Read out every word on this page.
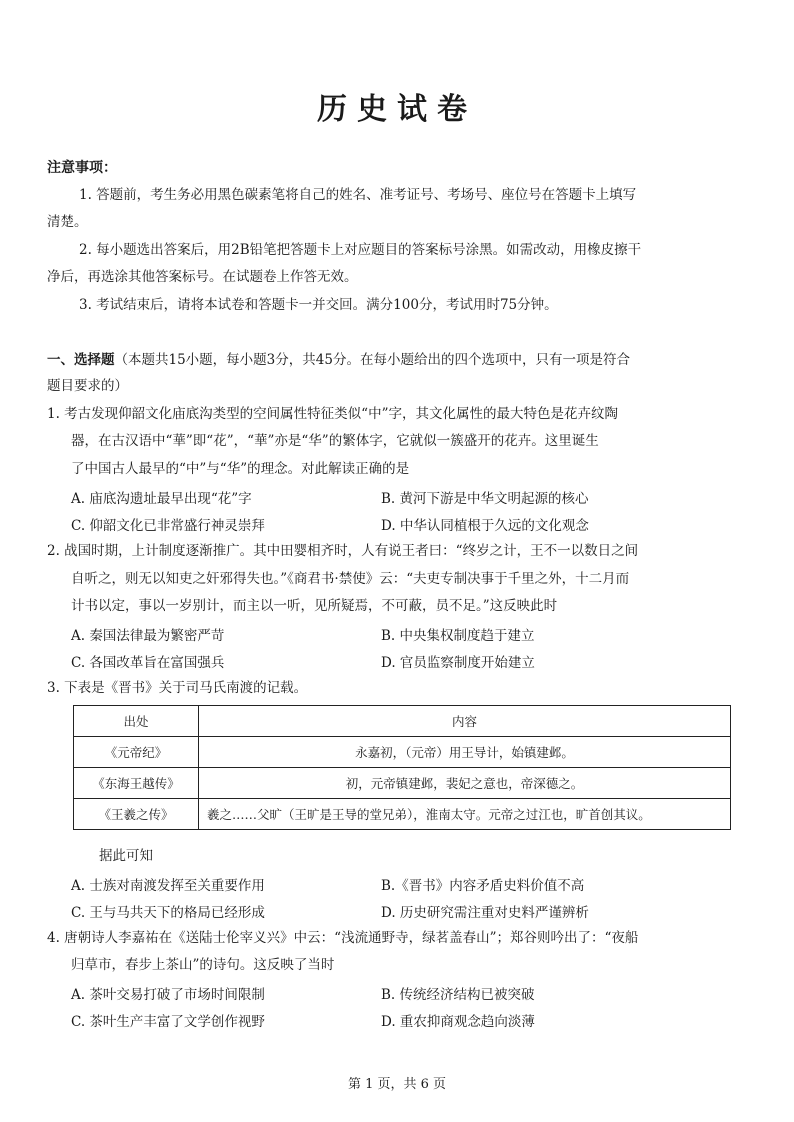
历史试卷
注意事项：
1. 答题前，考生务必用黑色碳素笔将自己的姓名、准考证号、考场号、座位号在答题卡上填写
清楚。
2. 每小题选出答案后，用2B铅笔把答题卡上对应题目的答案标号涂黑。如需改动，用橡皮擦干
净后，再选涂其他答案标号。在试题卷上作答无效。
3. 考试结束后，请将本试卷和答题卡一并交回。满分100分，考试用时75分钟。
一、选择题（本题共15小题，每小题3分，共45分。在每小题给出的四个选项中，只有一项是符合
题目要求的）
1. 考古发现仰韶文化庙底沟类型的空间属性特征类似“中”字，其文化属性的最大特色是花卉纹陶
器，在古汉语中“華”即“花”，“華”亦是“华”的繁体字，它就似一簇盛开的花卉。这里诞生
了中国古人最早的“中”与“华”的理念。对此解读正确的是
A. 庙底沟遗址最早出现“花”字	B. 黄河下游是中华文明起源的核心
C. 仰韶文化已非常盛行神灵崇拜	D. 中华认同植根于久远的文化观念
2. 战国时期，上计制度逐渐推广。其中田婴相齐时，人有说王者曰：“终岁之计，王不一以数日之间
自听之，则无以知吏之奸邪得失也。”《商君书·禁使》云：“夫吏专制决事于千里之外，十二月而
计书以定，事以一岁别计，而主以一听，见所疑焉，不可蔽，员不足。”这反映此时
A. 秦国法律最为繁密严苛	B. 中央集权制度趋于建立
C. 各国改革旨在富国强兵	D. 官员监察制度开始建立
3. 下表是《晋书》关于司马氏南渡的记载。
出处	内容
《元帝纪》	永嘉初，（元帝）用王导计，始镇建邺。
《东海王越传》	初，元帝镇建邺，裴妃之意也，帝深德之。
《王羲之传》	羲之……父旷（王旷是王导的堂兄弟），淮南太守。元帝之过江也，旷首创其议。
据此可知
A. 士族对南渡发挥至关重要作用	B.《晋书》内容矛盾史料价值不高
C. 王与马共天下的格局已经形成	D. 历史研究需注重对史料严谨辨析
4. 唐朝诗人李嘉祐在《送陆士伦宰义兴》中云：“浅流通野寺，绿茗盖春山”；郑谷则吟出了：“夜船
归草市，春步上茶山”的诗句。这反映了当时
A. 茶叶交易打破了市场时间限制	B. 传统经济结构已被突破
C. 茶叶生产丰富了文学创作视野	D. 重农抑商观念趋向淡薄
第 1 页，共 6 页
